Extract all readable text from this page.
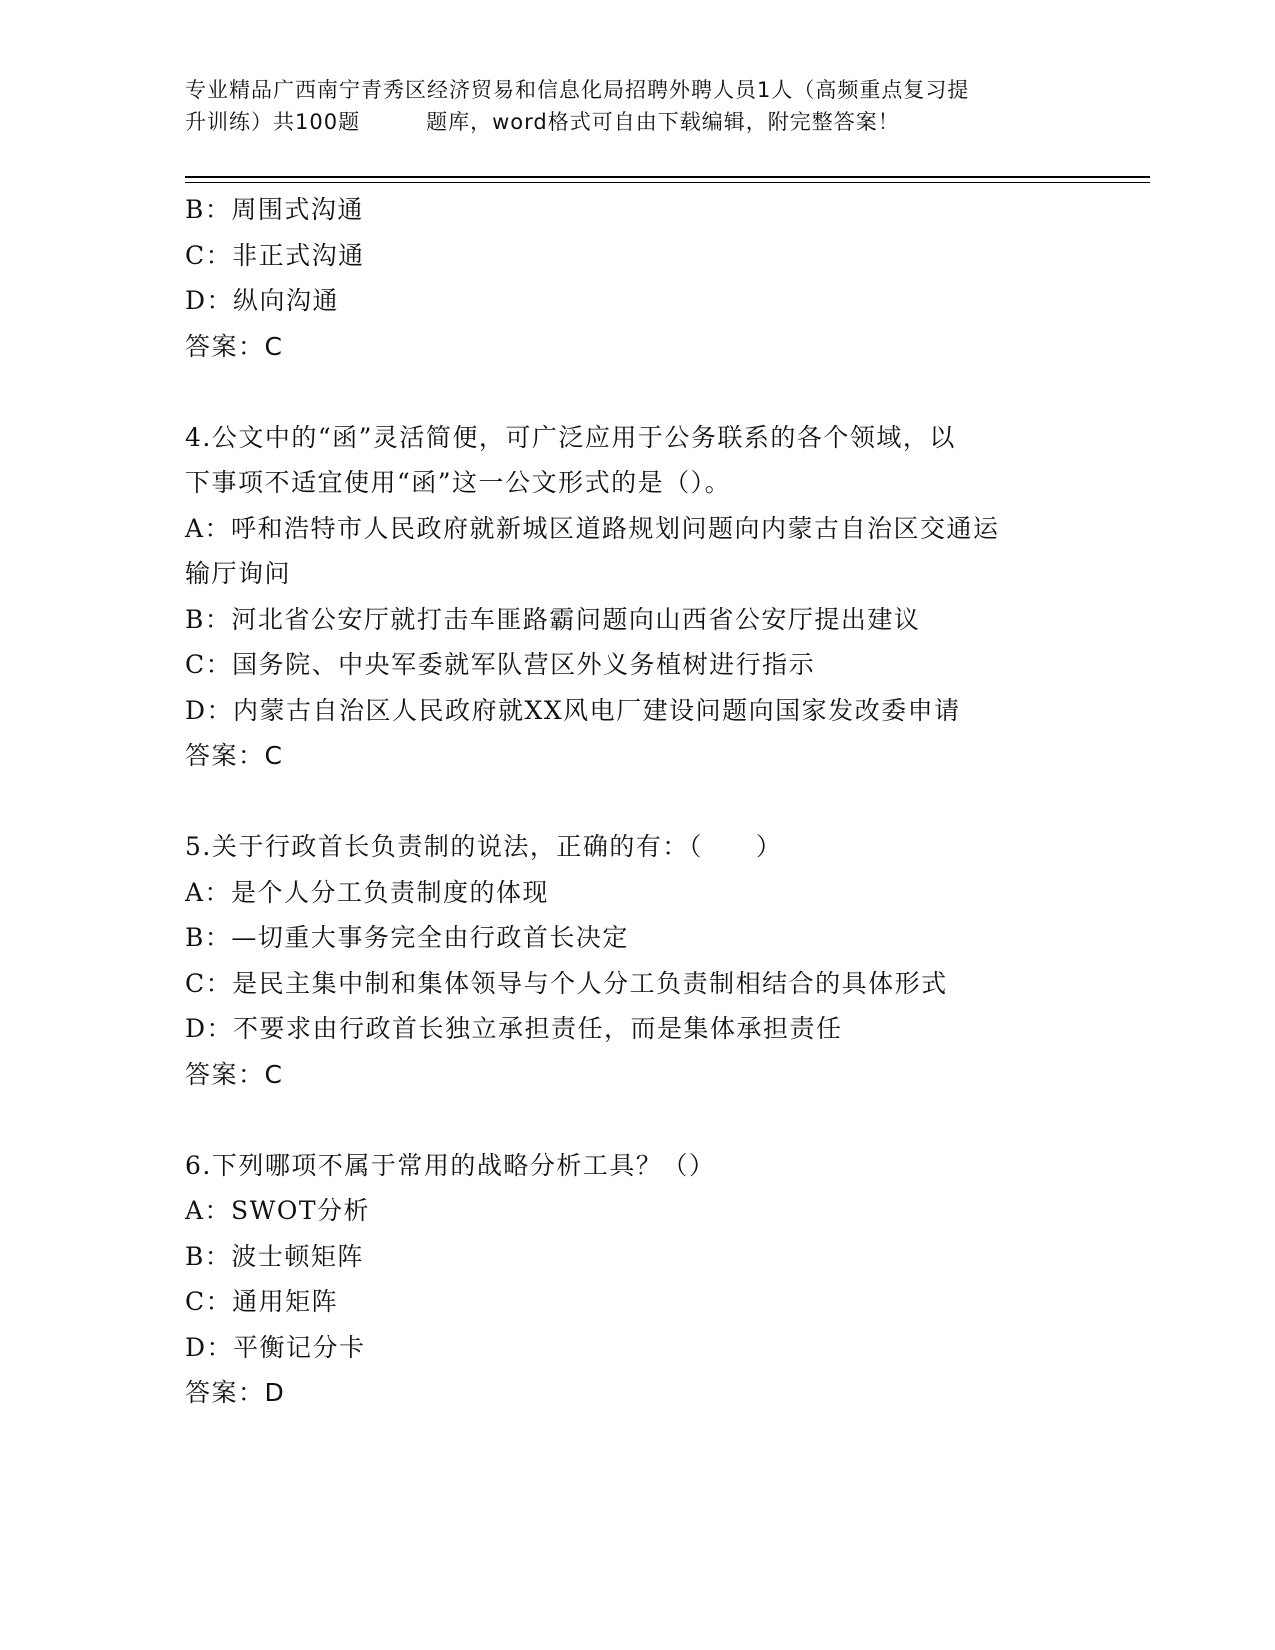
专业精品广西南宁青秀区经济贸易和信息化局招聘外聘人员1人（高频重点复习提
升训练）共100题　　　题库，word格式可自由下载编辑，附完整答案！
B：周围式沟通
C：非正式沟通
D：纵向沟通
答案：C
4.公文中的“函”灵活简便，可广泛应用于公务联系的各个领域，以
下事项不适宜使用“函”这一公文形式的是（）。
A：呼和浩特市人民政府就新城区道路规划问题向内蒙古自治区交通运
输厅询问
B：河北省公安厅就打击车匪路霸问题向山西省公安厅提出建议
C：国务院、中央军委就军队营区外义务植树进行指示
D：内蒙古自治区人民政府就XX风电厂建设问题向国家发改委申请
答案：C
5.关于行政首长负责制的说法，正确的有：（　　）
A：是个人分工负责制度的体现
B：—切重大事务完全由行政首长决定
C：是民主集中制和集体领导与个人分工负责制相结合的具体形式
D：不要求由行政首长独立承担责任，而是集体承担责任
答案：C
6.下列哪项不属于常用的战略分析工具？（）
A：SWOT分析
B：波士顿矩阵
C：通用矩阵
D：平衡记分卡
答案：D
